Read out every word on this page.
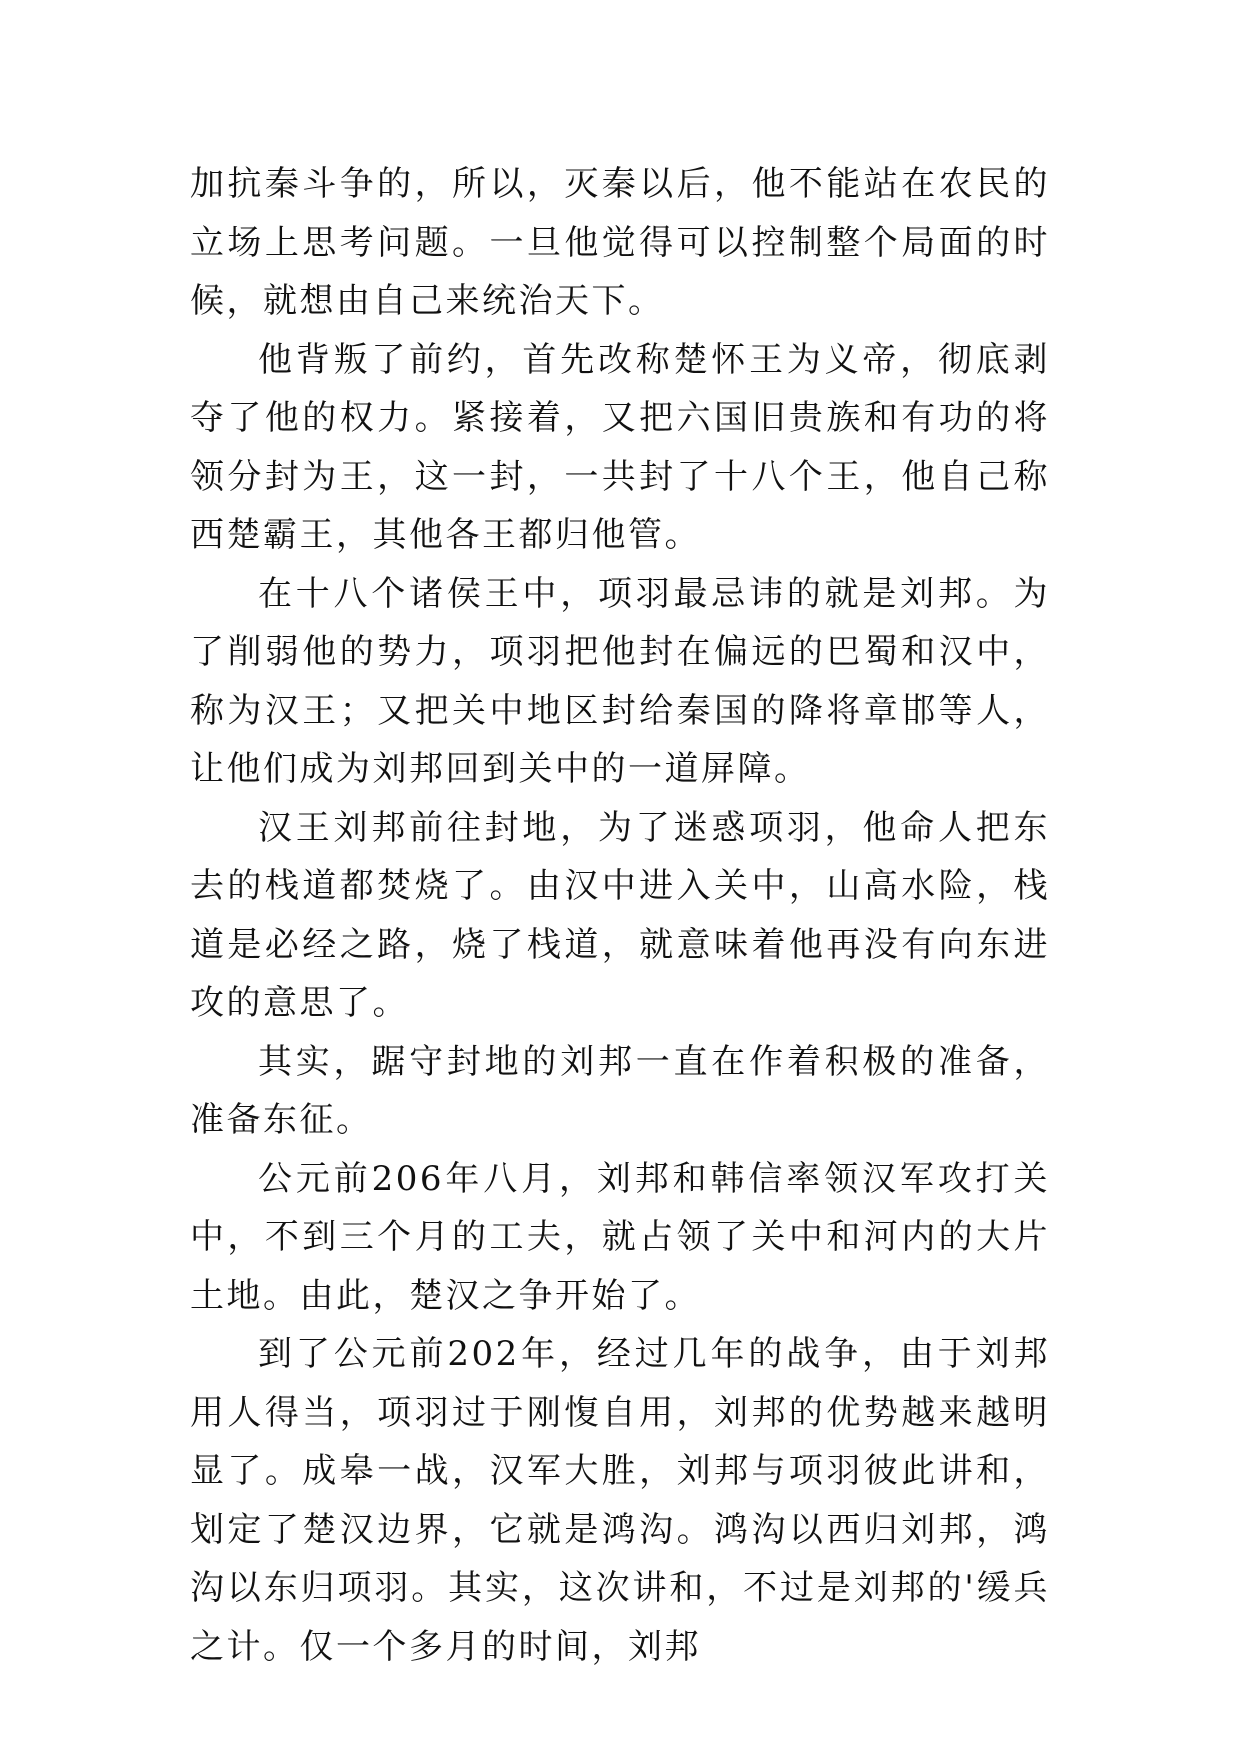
加抗秦斗争的，所以，灭秦以后，他不能站在农民的立场上思考问题。一旦他觉得可以控制整个局面的时候，就想由自己来统治天下。

他背叛了前约，首先改称楚怀王为义帝，彻底剥夺了他的权力。紧接着，又把六国旧贵族和有功的将领分封为王，这一封，一共封了十八个王，他自己称西楚霸王，其他各王都归他管。

在十八个诸侯王中，项羽最忌讳的就是刘邦。为了削弱他的势力，项羽把他封在偏远的巴蜀和汉中，称为汉王；又把关中地区封给秦国的降将章邯等人，让他们成为刘邦回到关中的一道屏障。

汉王刘邦前往封地，为了迷惑项羽，他命人把东去的栈道都焚烧了。由汉中进入关中，山高水险，栈道是必经之路，烧了栈道，就意味着他再没有向东进攻的意思了。

其实，踞守封地的刘邦一直在作着积极的准备，准备东征。

公元前206年八月，刘邦和韩信率领汉军攻打关中，不到三个月的工夫，就占领了关中和河内的大片土地。由此，楚汉之争开始了。

到了公元前202年，经过几年的战争，由于刘邦用人得当，项羽过于刚愎自用，刘邦的优势越来越明显了。成皋一战，汉军大胜，刘邦与项羽彼此讲和，划定了楚汉边界，它就是鸿沟。鸿沟以西归刘邦，鸿沟以东归项羽。其实，这次讲和，不过是刘邦的'缓兵之计。仅一个多月的时间，刘邦
